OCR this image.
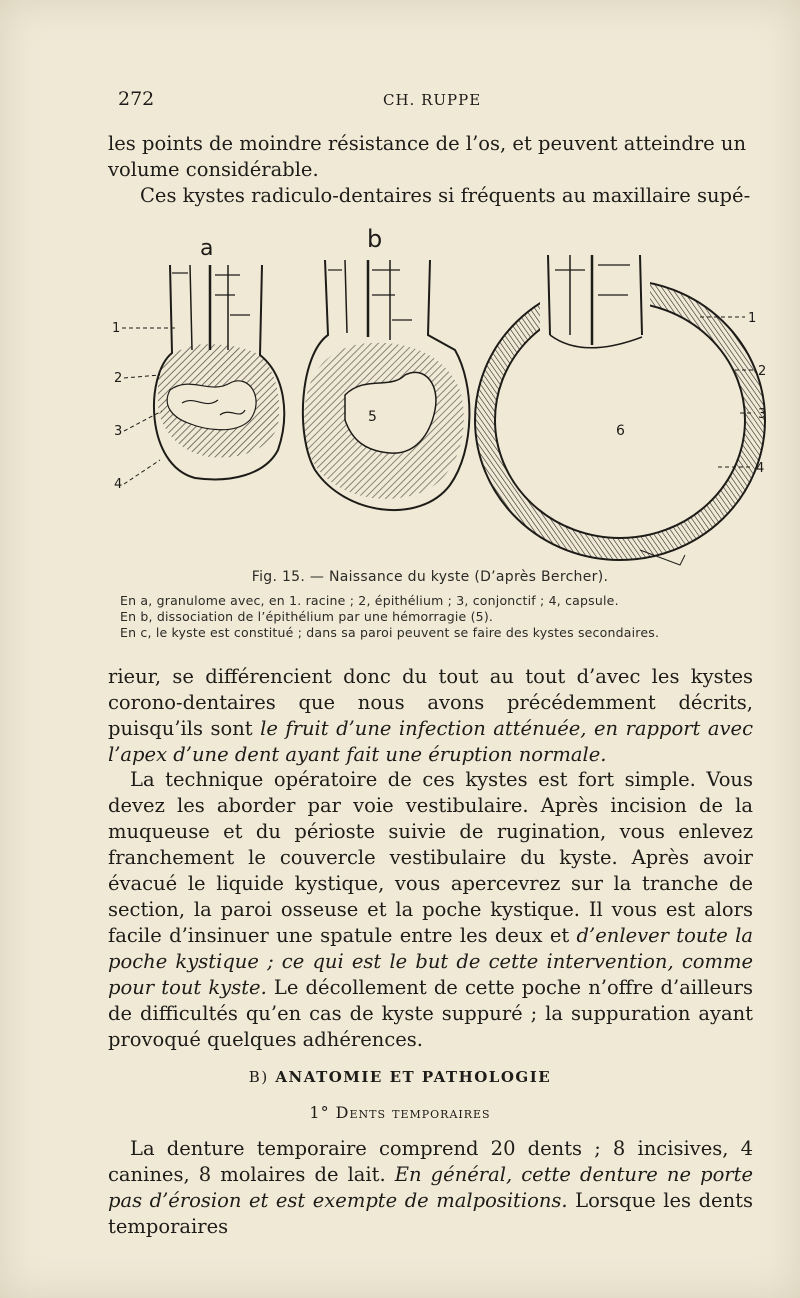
272	CH. RUPPE
les points de moindre résistance de l’os, et peuvent atteindre un
volume considérable.
Ces kystes radiculo-dentaires si fréquents au maxillaire supé-
a	b
1
2
3
4
5
6
1
2
3
4

Fig. 15. — Naissance du kyste (D’après Bercher).

En a, granulome avec, en 1. racine ; 2, épithélium ; 3, conjonctif ; 4, capsule.

En b, dissociation de l’épithélium par une hémorragie (5).

En c, le kyste est constitué ; dans sa paroi peuvent se faire des kystes secondaires.

rieur, se différencient donc du tout au tout d’avec les kystes corono-dentaires que nous avons précédemment décrits, puisqu’ils sont le fruit d’une infection atténuée, en rapport avec l’apex d’une dent ayant fait une éruption normale.

La technique opératoire de ces kystes est fort simple. Vous devez les aborder par voie vestibulaire. Après incision de la muqueuse et du périoste suivie de rugination, vous enlevez franchement le couvercle vestibulaire du kyste. Après avoir évacué le liquide kystique, vous apercevrez sur la tranche de section, la paroi osseuse et la poche kystique. Il vous est alors facile d’insinuer une spatule entre les deux et d’enlever toute la poche kystique ; ce qui est le but de cette intervention, comme pour tout kyste. Le décollement de cette poche n’offre d’ailleurs de difficultés qu’en cas de kyste suppuré ; la suppuration ayant provoqué quelques adhérences.

B) ANATOMIE ET PATHOLOGIE

1° Dents temporaires

La denture temporaire comprend 20 dents ; 8 incisives, 4 canines, 8 molaires de lait. En général, cette denture ne porte pas d’érosion et est exempte de malpositions. Lorsque les dents temporaires
